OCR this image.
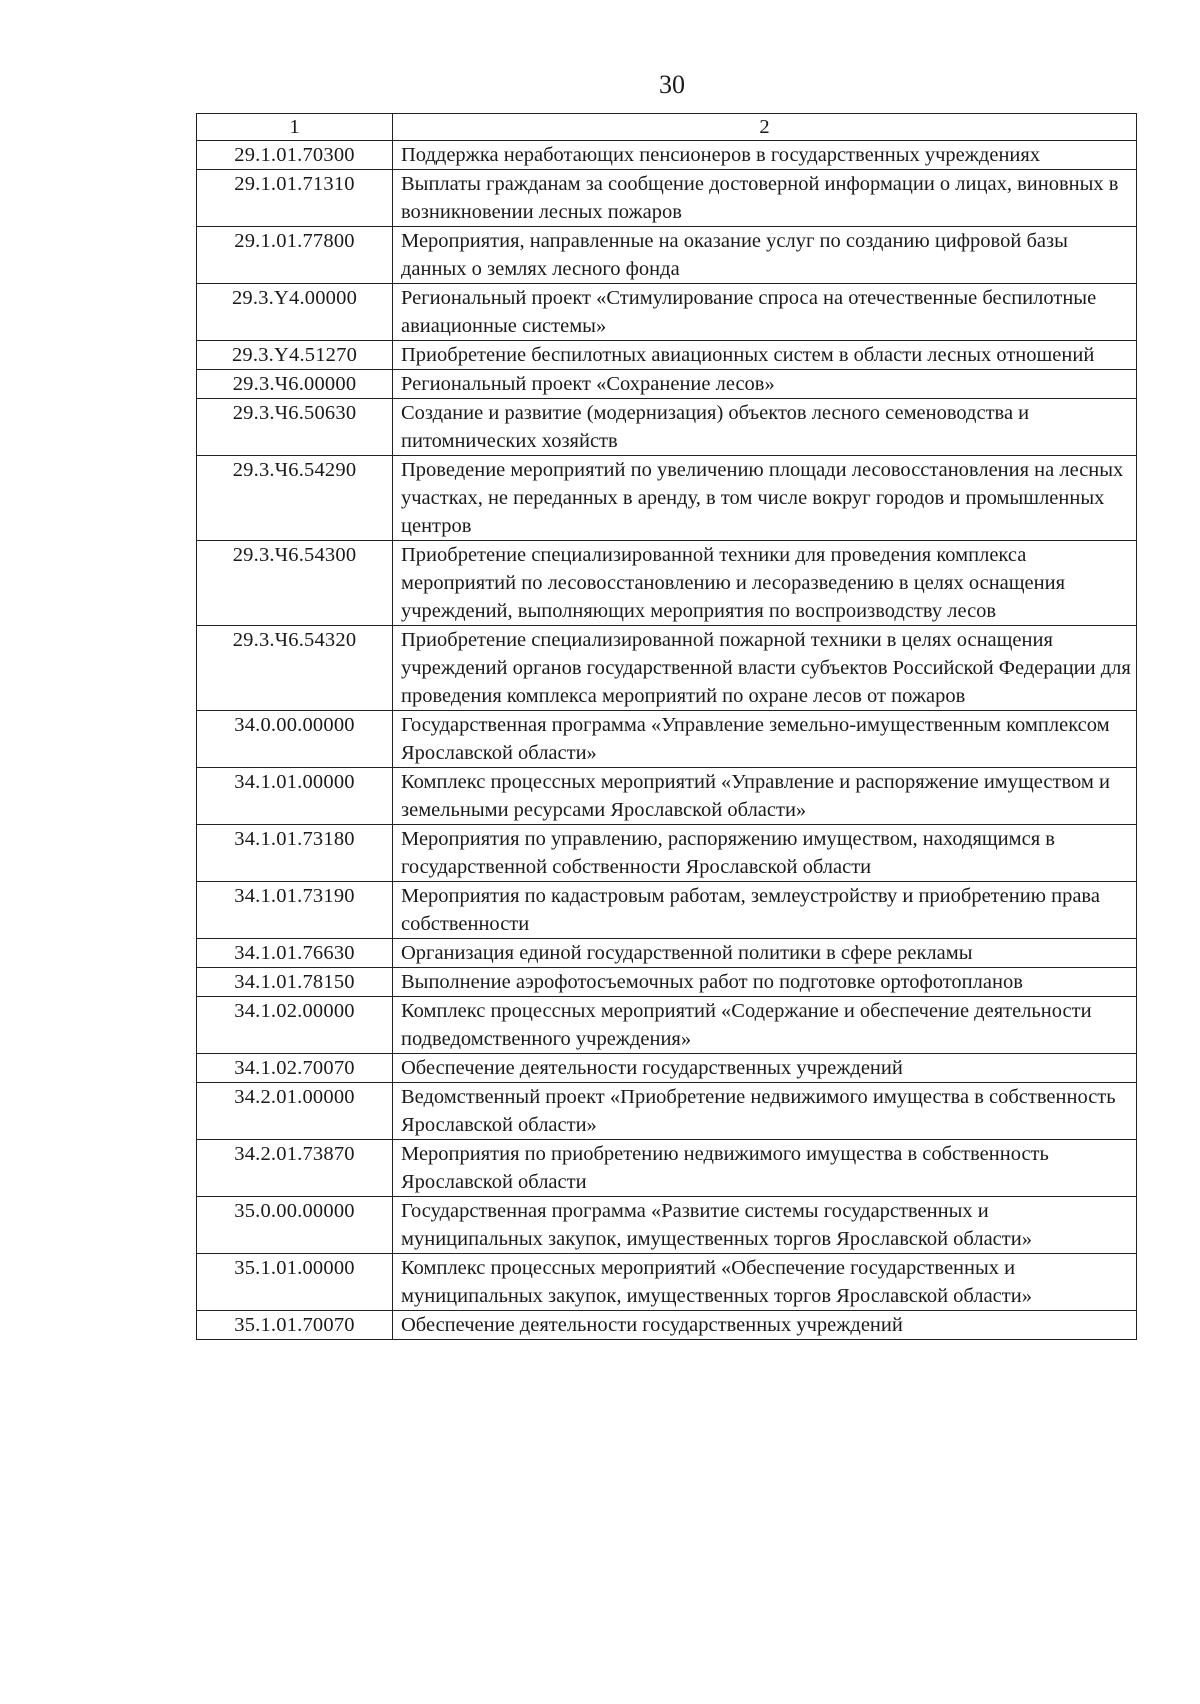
30
1	2
29.1.01.70300	Поддержка неработающих пенсионеров в государственных учреждениях
29.1.01.71310	Выплаты гражданам за сообщение достоверной информации о лицах, виновных в возникновении лесных пожаров
29.1.01.77800	Мероприятия, направленные на оказание услуг по созданию цифровой базы данных о землях лесного фонда
29.3.Y4.00000	Региональный проект «Стимулирование спроса на отечественные беспилотные авиационные системы»
29.3.Y4.51270	Приобретение беспилотных авиационных систем в области лесных отношений
29.3.Ч6.00000	Региональный проект «Сохранение лесов»
29.3.Ч6.50630	Создание и развитие (модернизация) объектов лесного семеноводства и питомнических хозяйств
29.3.Ч6.54290	Проведение мероприятий по увеличению площади лесовосстановления на лесных участках, не переданных в аренду, в том числе вокруг городов и промышленных центров
29.3.Ч6.54300	Приобретение специализированной техники для проведения комплекса мероприятий по лесовосстановлению и лесоразведению в целях оснащения учреждений, выполняющих мероприятия по воспроизводству лесов
29.3.Ч6.54320	Приобретение специализированной пожарной техники в целях оснащения учреждений органов государственной власти субъектов Российской Федерации для проведения комплекса мероприятий по охране лесов от пожаров
34.0.00.00000	Государственная программа «Управление земельно-имущественным комплексом Ярославской области»
34.1.01.00000	Комплекс процессных мероприятий «Управление и распоряжение имуществом и земельными ресурсами Ярославской области»
34.1.01.73180	Мероприятия по управлению, распоряжению имуществом, находящимся в государственной собственности Ярославской области
34.1.01.73190	Мероприятия по кадастровым работам, землеустройству и приобретению права собственности
34.1.01.76630	Организация единой государственной политики в сфере рекламы
34.1.01.78150	Выполнение аэрофотосъемочных работ по подготовке ортофотопланов
34.1.02.00000	Комплекс процессных мероприятий «Содержание и обеспечение деятельности подведомственного учреждения»
34.1.02.70070	Обеспечение деятельности государственных учреждений
34.2.01.00000	Ведомственный проект «Приобретение недвижимого имущества в собственность Ярославской области»
34.2.01.73870	Мероприятия по приобретению недвижимого имущества в собственность Ярославской области
35.0.00.00000	Государственная программа «Развитие системы государственных и муниципальных закупок, имущественных торгов Ярославской области»
35.1.01.00000	Комплекс процессных мероприятий «Обеспечение государственных и муниципальных закупок, имущественных торгов Ярославской области»
35.1.01.70070	Обеспечение деятельности государственных учреждений
